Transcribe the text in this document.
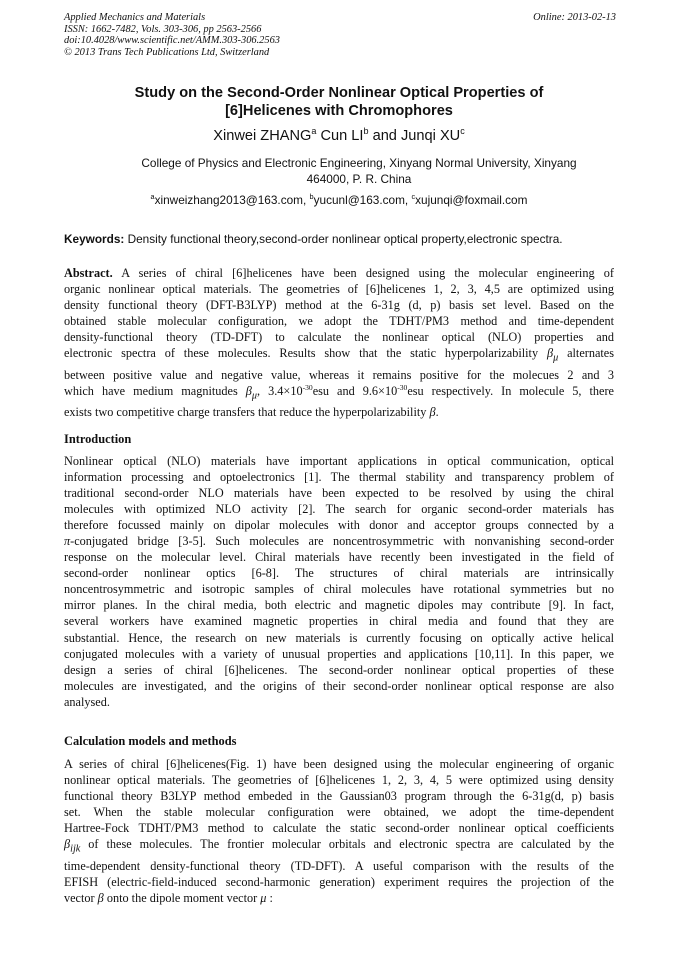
Applied Mechanics and Materials
ISSN: 1662-7482, Vols. 303-306, pp 2563-2566
doi:10.4028/www.scientific.net/AMM.303-306.2563
© 2013 Trans Tech Publications Ltd, Switzerland
Online: 2013-02-13
Study on the Second-Order Nonlinear Optical Properties of
[6]Helicenes with Chromophores
Xinwei ZHANG$^a$ Cun $LI^b$ and Junqi $XU^c$
College of Physics and Electronic Engineering, Xinyang Normal University, Xinyang
464000, P. R. China
$^a$xinweizhang2013@163.com, $^b$yucunl@163.com, $^c$xujunqi@foxmail.com
Keywords: Density functional theory,second-order nonlinear optical property,electronic spectra.
Abstract. A series of chiral [6]helicenes have been designed using the molecular engineering of
organic nonlinear optical materials. The geometries of [6]helicenes 1, 2, 3, 4,5 are optimized using
density functional theory (DFT-B3LYP) method at the 6-31g (d, p) basis set level. Based on the
obtained stable molecular configuration, we adopt the TDHT/PM3 method and time-dependent
density-functional theory (TD-DFT) to calculate the nonlinear optical (NLO) properties and
electronic spectra of these molecules. Results show that the static hyperpolarizability $\beta_\mu$ alternates
between positive value and negative value, whereas it remains positive for the molecues 2 and 3
which have medium magnitudes $\beta_\mu$, $3.4\times 10^{-30}esu$ and $9.6\times 10^{-30}esu$ respectively. In molecule 5, there
exists two competitive charge transfers that reduce the hyperpolarizability β.
Introduction
Nonlinear optical (NLO) materials have important applications in optical communication, optical
information processing and optoelectronics [1]. The thermal stability and transparency problem of
traditional second-order NLO materials have been expected to be resolved by using the chiral
molecules with optimized NLO activity [2]. The search for organic second-order materials has
therefore focussed mainly on dipolar molecules with donor and acceptor groups connected by a
π-conjugated bridge [3-5]. Such molecules are noncentrosymmetric with nonvanishing second-order
response on the molecular level. Chiral materials have recently been investigated in the field of
second-order nonlinear optics [6-8]. The structures of chiral materials are intrinsically
noncentrosymmetric and isotropic samples of chiral molecules have rotational symmetries but no
mirror planes. In the chiral media, both electric and magnetic dipoles may contribute [9]. In fact,
several workers have examined magnetic properties in chiral media and found that they are
substantial. Hence, the research on new materials is currently focusing on optically active helical
conjugated molecules with a variety of unusual properties and applications [10,11]. In this paper, we
design a series of chiral [6]helicenes. The second-order nonlinear optical properties of these
molecules are investigated, and the origins of their second-order nonlinear optical response are also
analysed.
Calculation models and methods
A series of chiral [6]helicenes(Fig. 1) have been designed using the molecular engineering of organic
nonlinear optical materials. The geometries of [6]helicenes 1, 2, 3, 4, 5 were optimized using density
functional theory B3LYP method embeded in the Gaussian03 program through the 6-31g(d, p) basis
set. When the stable molecular configuration were obtained, we adopt the time-dependent
Hartree-Fock TDHT/PM3 method to calculate the static second-order nonlinear optical coefficients
$\beta_{ijk}$ of these molecules. The frontier molecular orbitals and electronic spectra are calculated by the
time-dependent density-functional theory (TD-DFT). A useful comparison with the results of the
EFISH (electric-field-induced second-harmonic generation) experiment requires the projection of the
vector β onto the dipole moment vector μ :
